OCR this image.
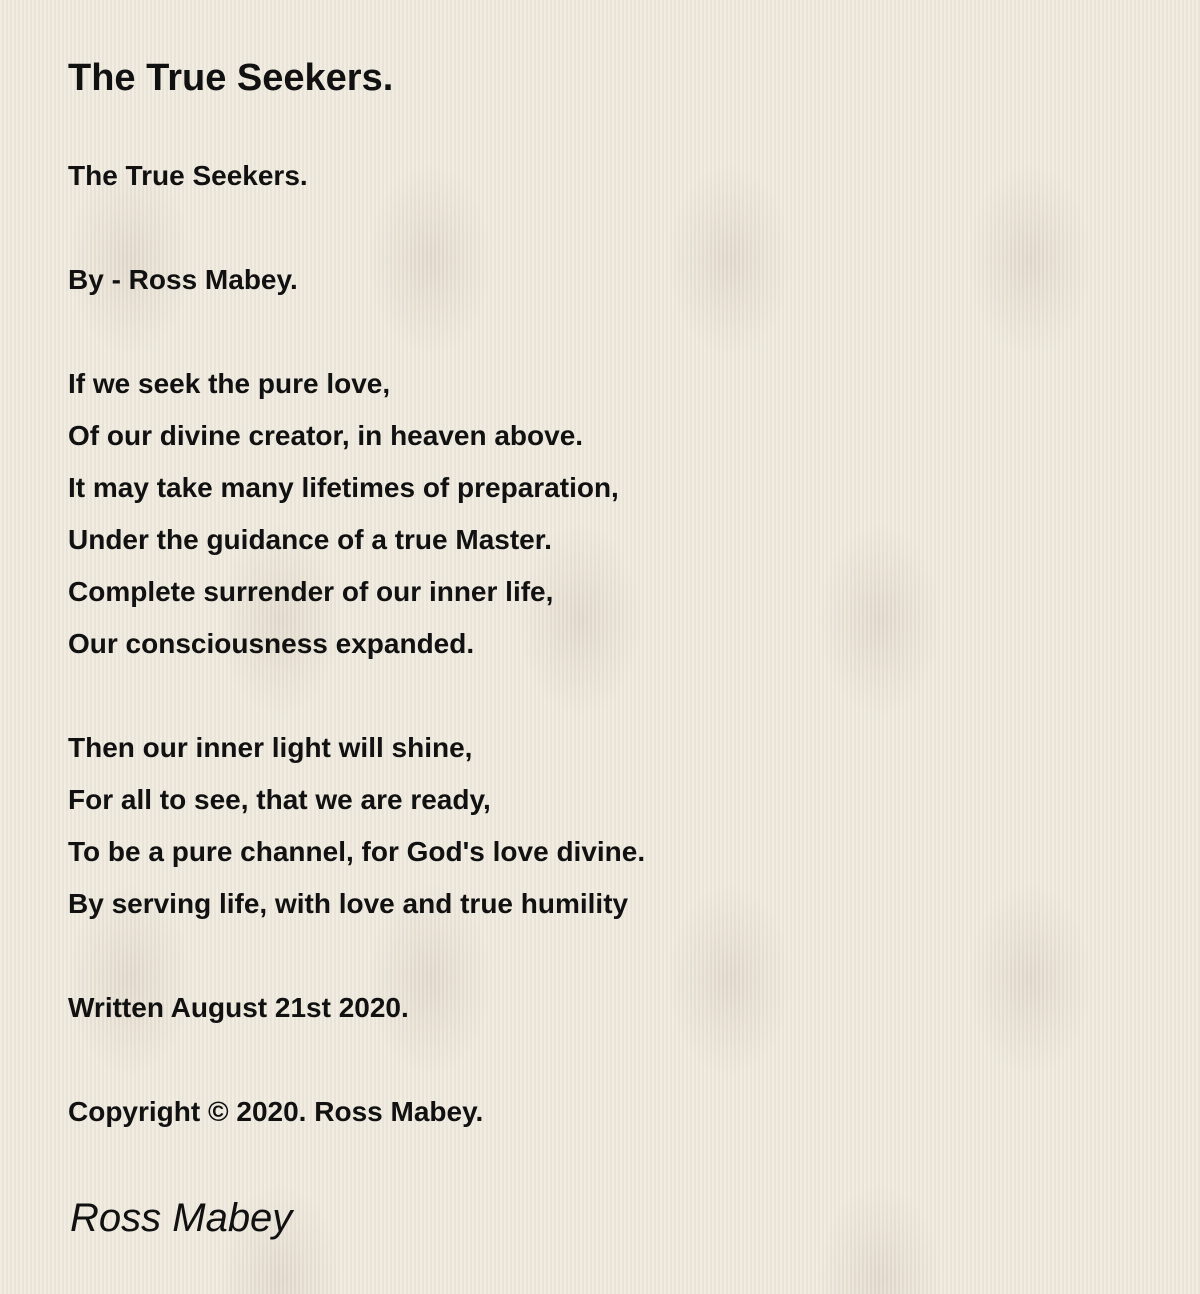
The True Seekers.
The True Seekers.
By - Ross Mabey.
If we seek the pure love,
Of our divine creator, in heaven above.
It may take many lifetimes of preparation,
Under the guidance of a true Master.
Complete surrender of our inner life,
Our consciousness expanded.
Then our inner light will shine,
For all to see, that we are ready,
To be a pure channel, for God's love divine.
By serving life, with love and true humility
Written August 21st 2020.
Copyright © 2020. Ross Mabey.
Ross Mabey
